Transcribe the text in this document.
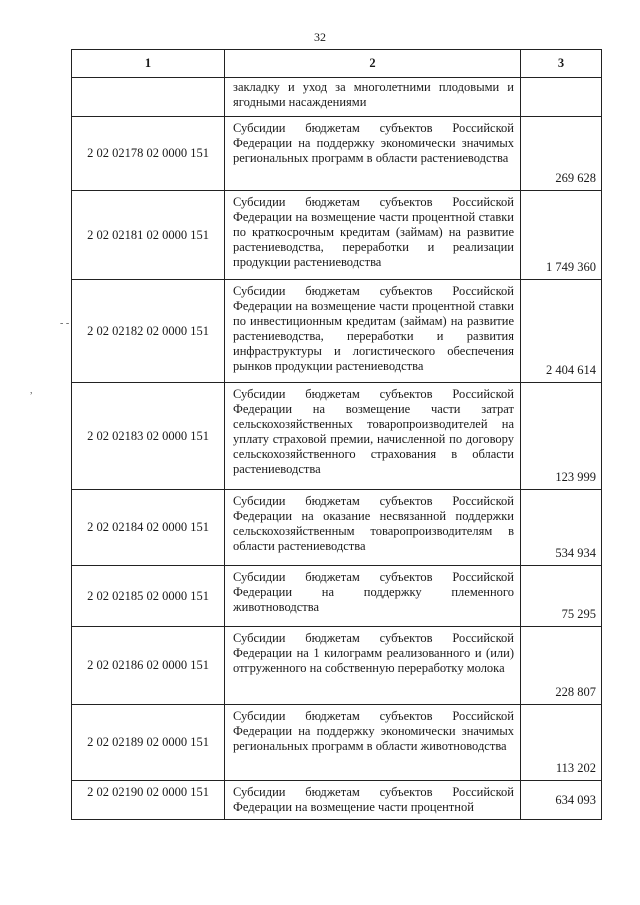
32
- -
,
1	2	3
	закладку и уход за многолетними плодовыми и ягодными насаждениями	
2 02 02178 02 0000 151	Субсидии бюджетам субъектов Российской Федерации на поддержку экономически значимых региональных программ в области растениеводства	269 628
2 02 02181 02 0000 151	Субсидии бюджетам субъектов Российской Федерации на возмещение части процентной ставки по краткосрочным кредитам (займам) на развитие растениеводства, переработки и реализации продукции растениеводства	1 749 360
2 02 02182 02 0000 151	Субсидии бюджетам субъектов Российской Федерации на возмещение части процентной ставки по инвестиционным кредитам (займам) на развитие растениеводства, переработки и развития инфраструктуры и логистического обеспечения рынков продукции растениеводства	2 404 614
2 02 02183 02 0000 151	Субсидии бюджетам субъектов Российской Федерации на возмещение части затрат сельскохозяйственных товаропроизводителей на уплату страховой премии, начисленной по договору сельскохозяйственного страхования в области растениеводства	123 999
2 02 02184 02 0000 151	Субсидии бюджетам субъектов Российской Федерации на оказание несвязанной поддержки сельскохозяйственным товаропроизводителям в области растениеводства	534 934
2 02 02185 02 0000 151	Субсидии бюджетам субъектов Российской Федерации на поддержку племенного животноводства	75 295
2 02 02186 02 0000 151	Субсидии бюджетам субъектов Российской Федерации на 1 килограмм реализованного и (или) отгруженного на собственную переработку молока	228 807
2 02 02189 02 0000 151	Субсидии бюджетам субъектов Российской Федерации на поддержку экономически значимых региональных программ в области животноводства	113 202
2 02 02190 02 0000 151	Субсидии бюджетам субъектов Российской Федерации на возмещение части процентной	634 093
